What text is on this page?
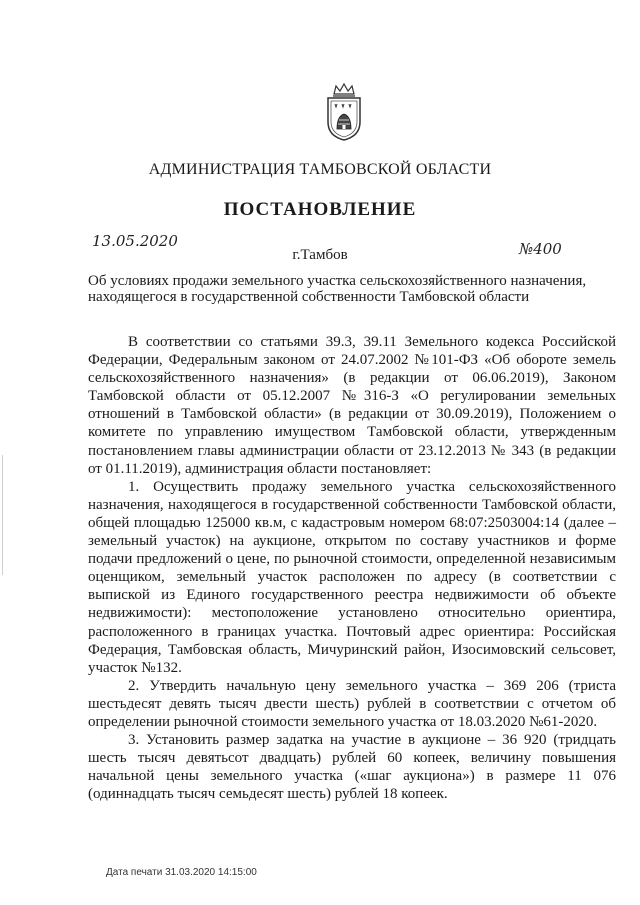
АДМИНИСТРАЦИЯ ТАМБОВСКОЙ ОБЛАСТИ
ПОСТАНОВЛЕНИЕ
13.05.2020
г.Тамбов	№400
Об условиях продажи земельного участка сельскохозяйственного назначения, находящегося в государственной собственности Тамбовской области

В соответствии со статьями 39.3, 39.11 Земельного кодекса Российской Федерации, Федеральным законом от 24.07.2002 №101-ФЗ «Об обороте земель сельскохозяйственного назначения» (в редакции от 06.06.2019), Законом Тамбовской области от 05.12.2007 №316-З «О регулировании земельных отношений в Тамбовской области» (в редакции от 30.09.2019), Положением о комитете по управлению имуществом Тамбовской области, утвержденным постановлением главы администрации области от 23.12.2013 № 343 (в редакции от 01.11.2019), администрация области постановляет:

1. Осуществить продажу земельного участка сельскохозяйственного назначения, находящегося в государственной собственности Тамбовской области, общей площадью 125000 кв.м, с кадастровым номером 68:07:2503004:14 (далее – земельный участок) на аукционе, открытом по составу участников и форме подачи предложений о цене, по рыночной стоимости, определенной независимым оценщиком, земельный участок расположен по адресу (в соответствии с выпиской из Единого государственного реестра недвижимости об объекте недвижимости): местоположение установлено относительно ориентира, расположенного в границах участка. Почтовый адрес ориентира: Российская Федерация, Тамбовская область, Мичуринский район, Изосимовский сельсовет, участок №132.

2. Утвердить начальную цену земельного участка – 369 206 (триста шестьдесят девять тысяч двести шесть) рублей в соответствии с отчетом об определении рыночной стоимости земельного участка от 18.03.2020 №61-2020.

3. Установить размер задатка на участие в аукционе – 36 920 (тридцать шесть тысяч девятьсот двадцать) рублей 60 копеек, величину повышения начальной цены земельного участка («шаг аукциона») в размере 11 076 (одиннадцать тысяч семьдесят шесть) рублей 18 копеек.

Дата печати 31.03.2020 14:15:00
